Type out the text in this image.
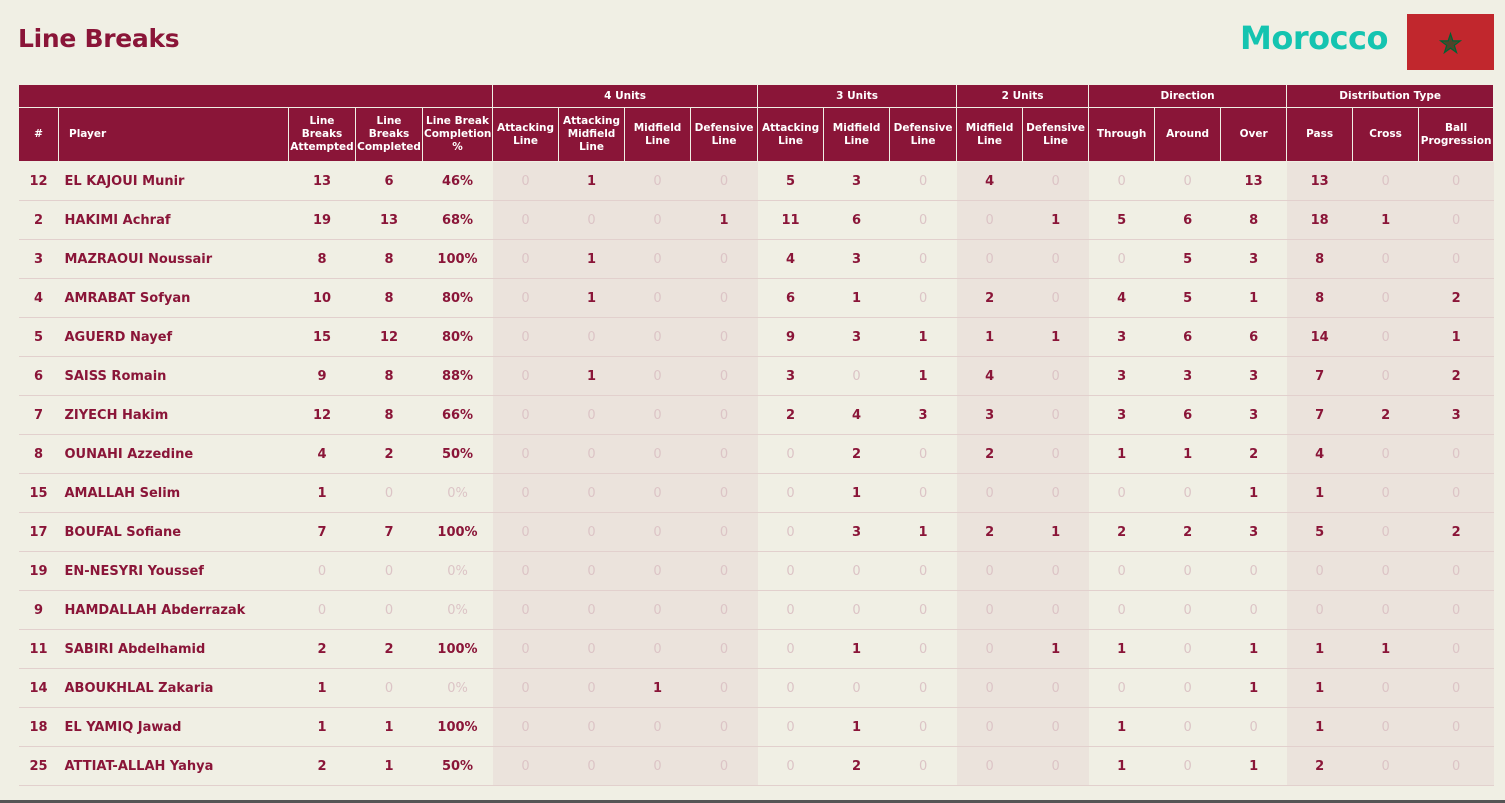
Line Breaks	Morocco
					4 Units				3 Units			2 Units		Direction			Distribution Type		
#	Player	Line Breaks Attempted	Line Breaks Completed	Line Break Completion %	Attacking Line	Attacking Midfield Line	Midfield Line	Defensive Line	Attacking Line	Midfield Line	Defensive Line	Midfield Line	Defensive Line	Through	Around	Over	Pass	Cross	Ball Progression
12	EL KAJOUI Munir	13	6	46%	0	1	0	0	5	3	0	4	0	0	0	13	13	0	0
2	HAKIMI Achraf	19	13	68%	0	0	0	1	11	6	0	0	1	5	6	8	18	1	0
3	MAZRAOUI Noussair	8	8	100%	0	1	0	0	4	3	0	0	0	0	5	3	8	0	0
4	AMRABAT Sofyan	10	8	80%	0	1	0	0	6	1	0	2	0	4	5	1	8	0	2
5	AGUERD Nayef	15	12	80%	0	0	0	0	9	3	1	1	1	3	6	6	14	0	1
6	SAISS Romain	9	8	88%	0	1	0	0	3	0	1	4	0	3	3	3	7	0	2
7	ZIYECH Hakim	12	8	66%	0	0	0	0	2	4	3	3	0	3	6	3	7	2	3
8	OUNAHI Azzedine	4	2	50%	0	0	0	0	0	2	0	2	0	1	1	2	4	0	0
15	AMALLAH Selim	1	0	0%	0	0	0	0	0	1	0	0	0	0	0	1	1	0	0
17	BOUFAL Sofiane	7	7	100%	0	0	0	0	0	3	1	2	1	2	2	3	5	0	2
19	EN-NESYRI Youssef	0	0	0%	0	0	0	0	0	0	0	0	0	0	0	0	0	0	0
9	HAMDALLAH Abderrazak	0	0	0%	0	0	0	0	0	0	0	0	0	0	0	0	0	0	0
11	SABIRI Abdelhamid	2	2	100%	0	0	0	0	0	1	0	0	1	1	0	1	1	1	0
14	ABOUKHLAL Zakaria	1	0	0%	0	0	1	0	0	0	0	0	0	0	0	1	1	0	0
18	EL YAMIQ Jawad	1	1	100%	0	0	0	0	0	1	0	0	0	1	0	0	1	0	0
25	ATTIAT-ALLAH Yahya	2	1	50%	0	0	0	0	0	2	0	0	0	1	0	1	2	0	0
